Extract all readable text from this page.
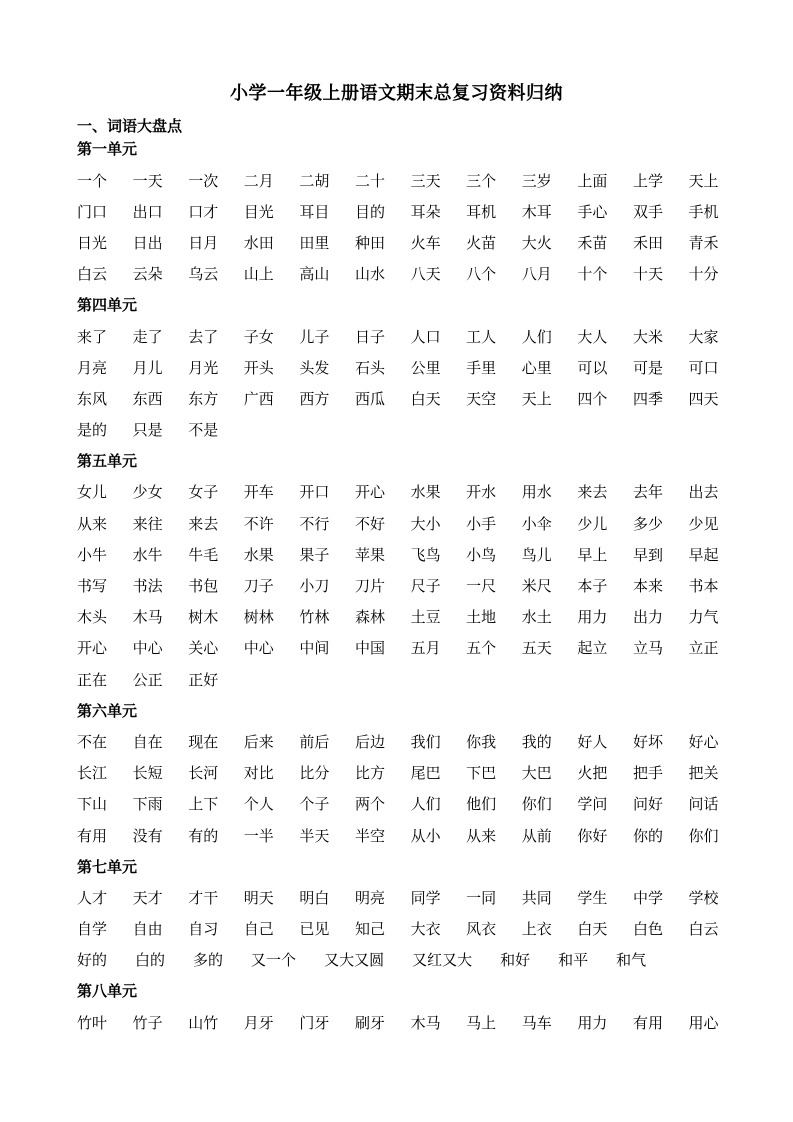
小学一年级上册语文期末总复习资料归纳
一、词语大盘点
第一单元
一个	一天	一次	二月	二胡	二十	三天	三个	三岁	上面	上学	天上
门口	出口	口才	目光	耳目	目的	耳朵	耳机	木耳	手心	双手	手机
日光	日出	日月	水田	田里	种田	火车	火苗	大火	禾苗	禾田	青禾
白云	云朵	乌云	山上	高山	山水	八天	八个	八月	十个	十天	十分
第四单元
来了	走了	去了	子女	儿子	日子	人口	工人	人们	大人	大米	大家
月亮	月儿	月光	开头	头发	石头	公里	手里	心里	可以	可是	可口
东风	东西	东方	广西	西方	西瓜	白天	天空	天上	四个	四季	四天
是的	只是	不是
第五单元
女儿	少女	女子	开车	开口	开心	水果	开水	用水	来去	去年	出去
从来	来往	来去	不许	不行	不好	大小	小手	小伞	少儿	多少	少见
小牛	水牛	牛毛	水果	果子	苹果	飞鸟	小鸟	鸟儿	早上	早到	早起
书写	书法	书包	刀子	小刀	刀片	尺子	一尺	米尺	本子	本来	书本
木头	木马	树木	树林	竹林	森林	土豆	土地	水土	用力	出力	力气
开心	中心	关心	中心	中间	中国	五月	五个	五天	起立	立马	立正
正在	公正	正好
第六单元
不在	自在	现在	后来	前后	后边	我们	你我	我的	好人	好坏	好心
长江	长短	长河	对比	比分	比方	尾巴	下巴	大巴	火把	把手	把关
下山	下雨	上下	个人	个子	两个	人们	他们	你们	学问	问好	问话
有用	没有	有的	一半	半天	半空	从小	从来	从前	你好	你的	你们
第七单元
人才	天才	才干	明天	明白	明亮	同学	一同	共同	学生	中学	学校
自学	自由	自习	自己	已见	知己	大衣	风衣	上衣	白天	白色	白云
好的 白的 多的 又一个 又大又圆 又红又大 和好 和平 和气
第八单元
竹叶	竹子	山竹	月牙	门牙	刷牙	木马	马上	马车	用力	有用	用心
